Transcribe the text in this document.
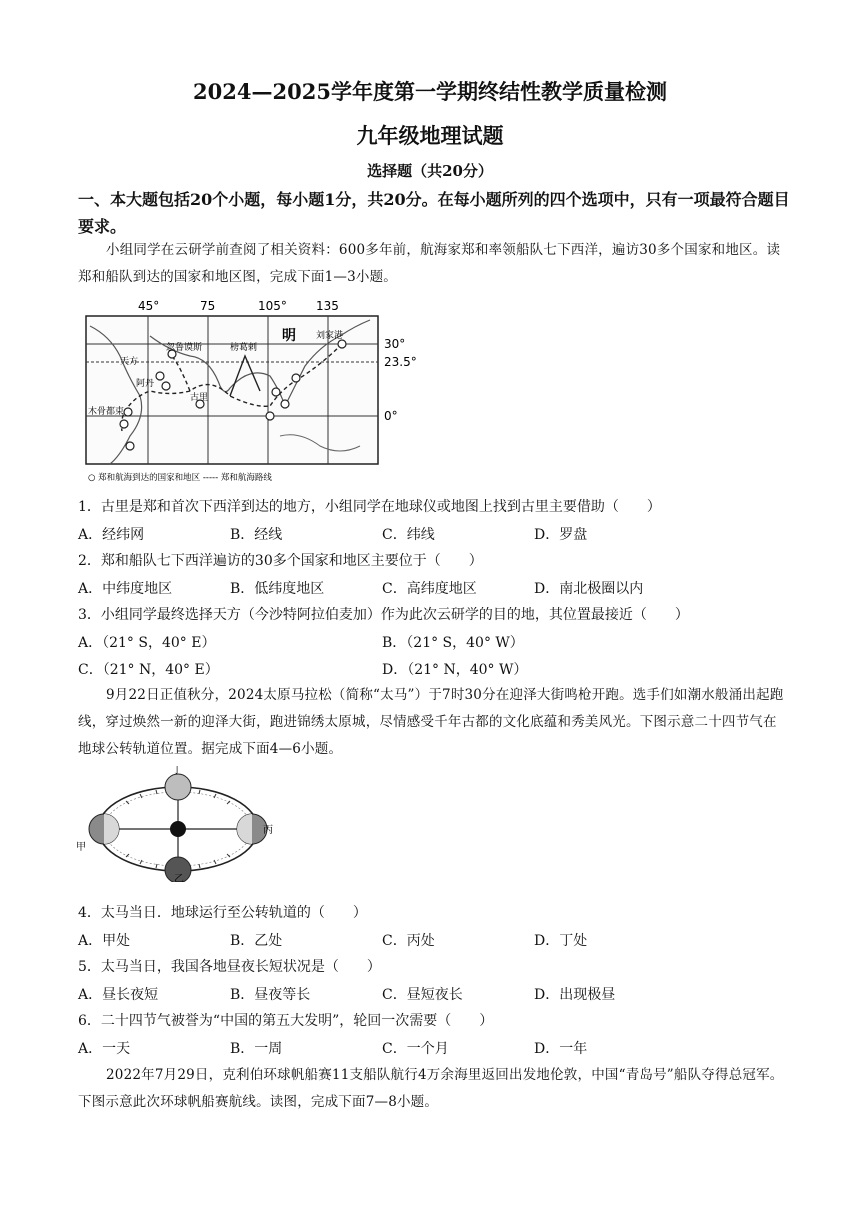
2024—2025学年度第一学期终结性教学质量检测
九年级地理试题
选择题（共20分）
一、本大题包括20个小题，每小题1分，共20分。在每小题所列的四个选项中，只有一项最符合题目要求。
小组同学在云研学前查阅了相关资料：600多年前，航海家郑和率领船队七下西洋，遍访30多个国家和地区。读郑和船队到达的国家和地区图，完成下面1—3小题。
45°	75	105° 135
忽鲁谟斯	榜葛剌
明 刘家港
天方
阿丹
古里
木骨都束
30°
23.5°
0°
○ 郑和航海到达的国家和地区 ----- 郑和航海路线
1．古里是郑和首次下西洋到达的地方，小组同学在地球仪或地图上找到古里主要借助（　　）
A．经纬网	B．经线	C．纬线	D．罗盘
2．郑和船队七下西洋遍访的30多个国家和地区主要位于（　　）
A．中纬度地区	B．低纬度地区	C．高纬度地区	D．南北极圈以内
3．小组同学最终选择天方（今沙特阿拉伯麦加）作为此次云研学的目的地，其位置最接近（　　）
A．（21° S，40° E）	B．（21° S，40° W）
C．（21° N，40° E）	D．（21° N，40° W）
9月22日正值秋分，2024太原马拉松（简称“太马”）于7时30分在迎泽大街鸣枪开跑。选手们如潮水般涌出起跑线，穿过焕然一新的迎泽大街，跑进锦绣太原城，尽情感受千年古都的文化底蕴和秀美风光。下图示意二十四节气在地球公转轨道位置。据完成下面4—6小题。
丁
甲
丙
乙
4．太马当日．地球运行至公转轨道的（　　）
A．甲处	B．乙处	C．丙处	D．丁处
5．太马当日，我国各地昼夜长短状况是（　　）
A．昼长夜短	B．昼夜等长	C．昼短夜长	D．出现极昼
6．二十四节气被誉为“中国的第五大发明”，轮回一次需要（　　）
A．一天	B．一周	C．一个月	D．一年
2022年7月29日，克利伯环球帆船赛11支船队航行4万余海里返回出发地伦敦，中国“青岛号”船队夺得总冠军。下图示意此次环球帆船赛航线。读图，完成下面7—8小题。
